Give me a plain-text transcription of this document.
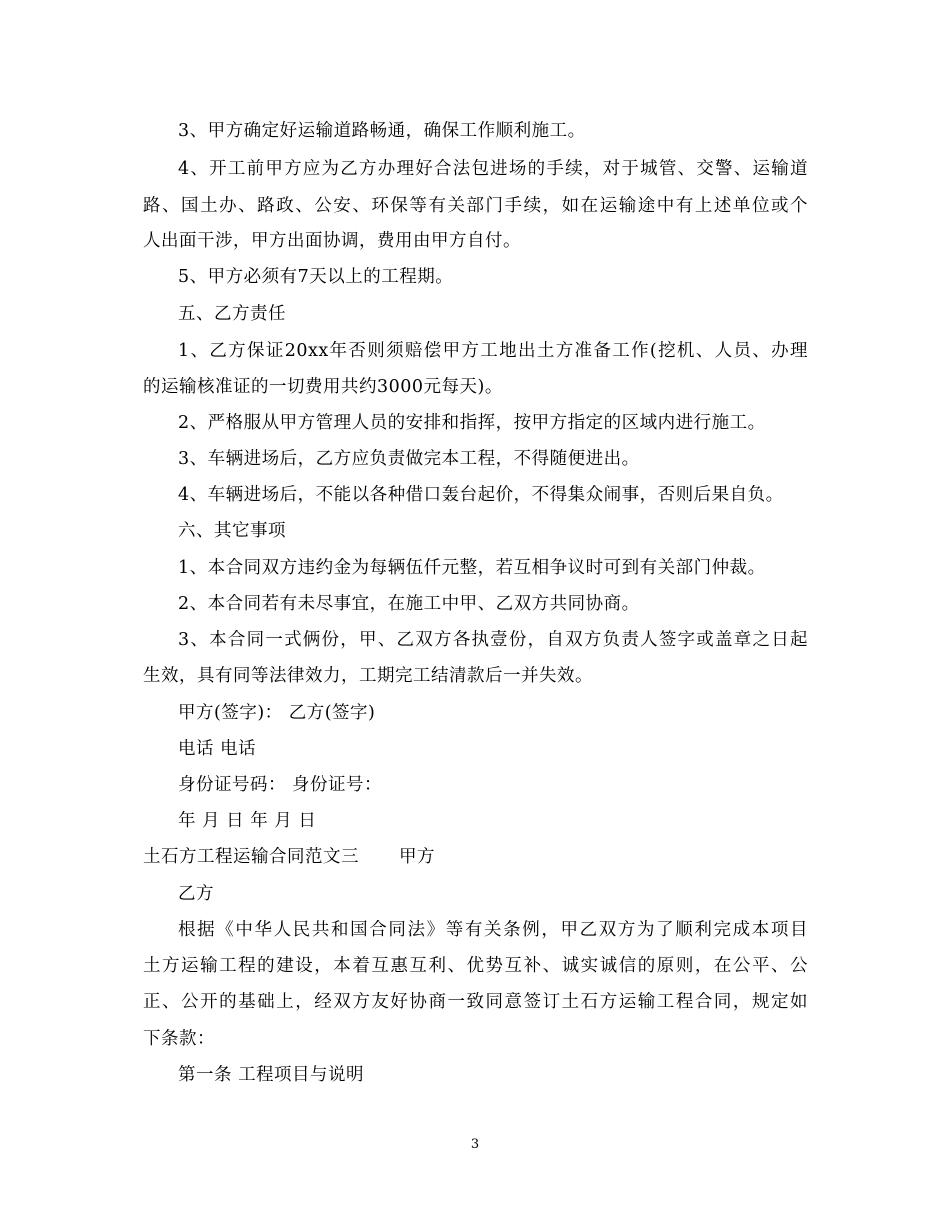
3、甲方确定好运输道路畅通，确保工作顺利施工。
4、开工前甲方应为乙方办理好合法包进场的手续，对于城管、交警、运输道
路、国土办、路政、公安、环保等有关部门手续，如在运输途中有上述单位或个
人出面干涉，甲方出面协调，费用由甲方自付。
5、甲方必须有7天以上的工程期。
五、乙方责任
1、乙方保证20xx年否则须赔偿甲方工地出土方准备工作(挖机、人员、办理
的运输核准证的一切费用共约3000元每天)。
2、严格服从甲方管理人员的安排和指挥，按甲方指定的区域内进行施工。
3、车辆进场后，乙方应负责做完本工程，不得随便进出。
4、车辆进场后，不能以各种借口轰台起价，不得集众闹事，否则后果自负。
六、其它事项
1、本合同双方违约金为每辆伍仟元整，若互相争议时可到有关部门仲裁。
2、本合同若有未尽事宜，在施工中甲、乙双方共同协商。
3、本合同一式俩份，甲、乙双方各执壹份，自双方负责人签字或盖章之日起
生效，具有同等法律效力，工期完工结清款后一并失效。
甲方(签字)： 乙方(签字)
电话 电话
身份证号码： 身份证号：
年 月 日 年 月 日
土石方工程运输合同范文三 甲方
乙方
根据《中华人民共和国合同法》等有关条例，甲乙双方为了顺利完成本项目
土方运输工程的建设，本着互惠互利、优势互补、诚实诚信的原则，在公平、公
正、公开的基础上，经双方友好协商一致同意签订土石方运输工程合同，规定如
下条款：
第一条 工程项目与说明
3
